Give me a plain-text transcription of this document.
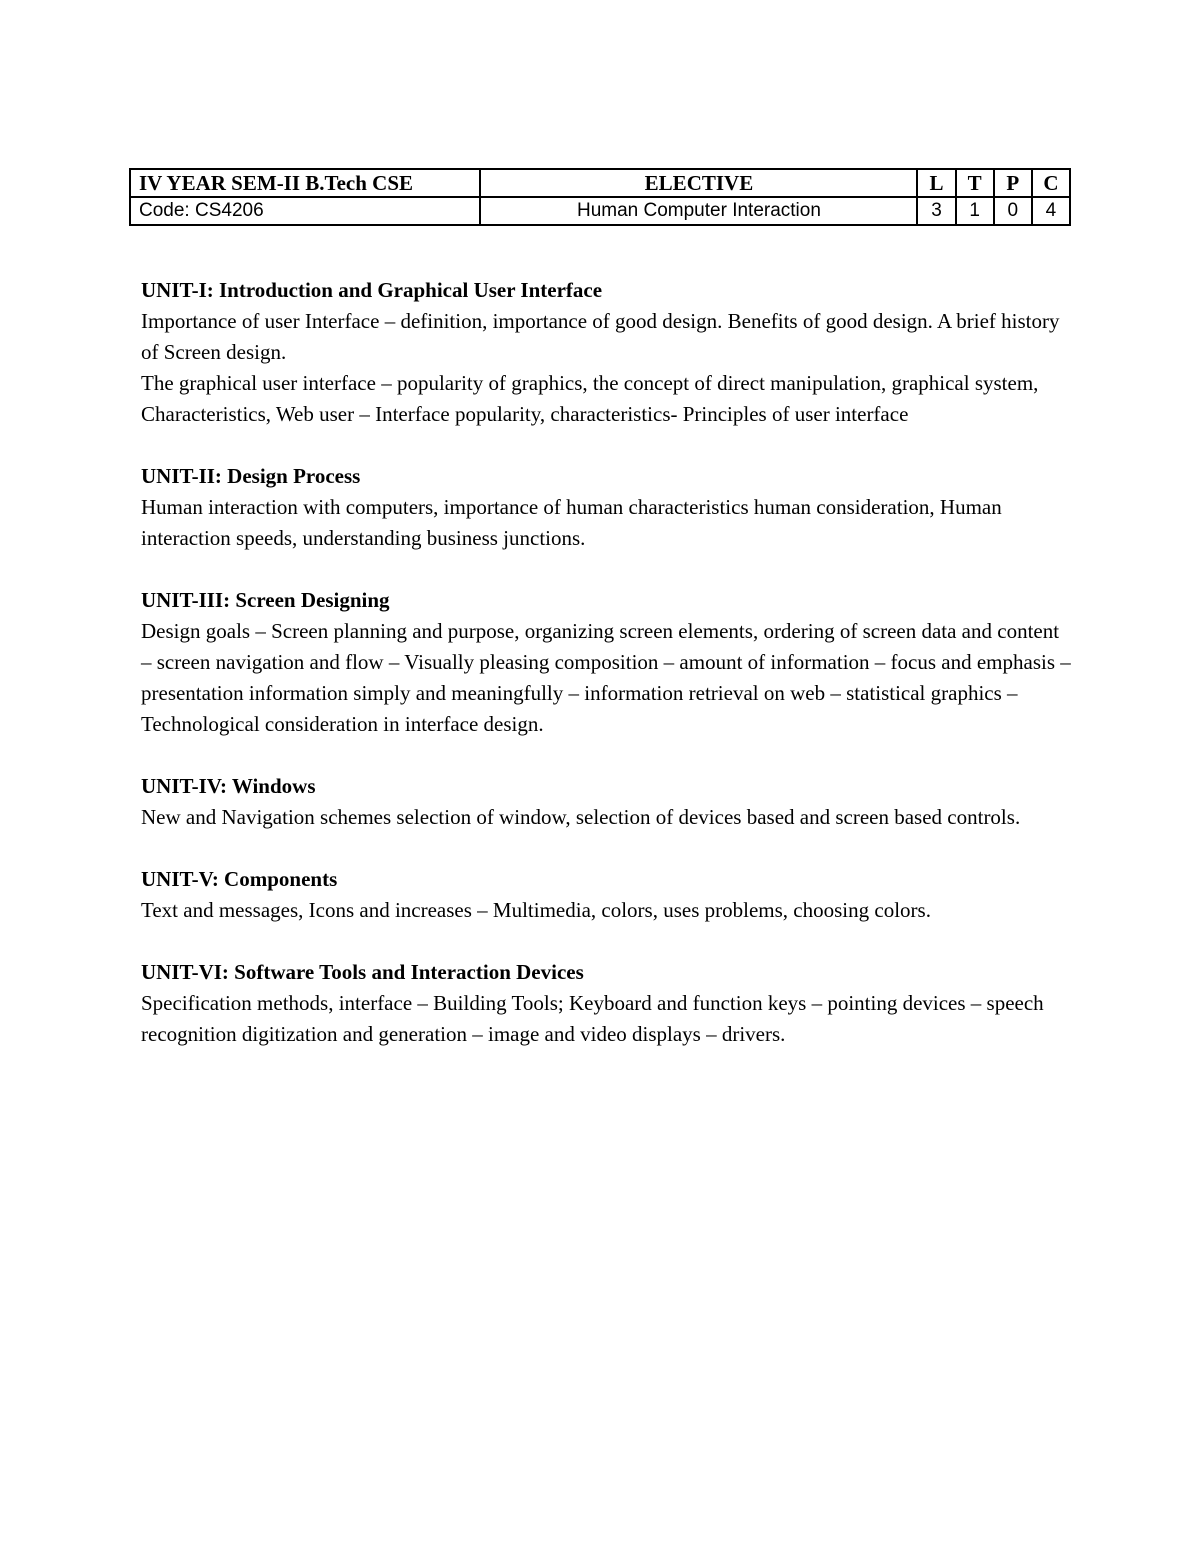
IV YEAR SEM-II B.Tech CSE	ELECTIVE	L	T	P	C
Code: CS4206	Human Computer Interaction	3	1	0	4
UNIT-I: Introduction and Graphical User Interface
Importance of user Interface – definition, importance of good design. Benefits of good design. A brief history of Screen design.
The graphical user interface – popularity of graphics, the concept of direct manipulation, graphical system, Characteristics, Web user – Interface popularity, characteristics- Principles of user interface
UNIT-II: Design Process
Human interaction with computers, importance of human characteristics human consideration, Human interaction speeds, understanding business junctions.
UNIT-III: Screen Designing
Design goals – Screen planning and purpose, organizing screen elements, ordering of screen data and content – screen navigation and flow – Visually pleasing composition – amount of information – focus and emphasis – presentation information simply and meaningfully – information retrieval on web – statistical graphics – Technological consideration in interface design.
UNIT-IV: Windows
New and Navigation schemes selection of window, selection of devices based and screen based controls.
UNIT-V: Components
Text and messages, Icons and increases – Multimedia, colors, uses problems, choosing colors.
UNIT-VI: Software Tools and Interaction Devices
Specification methods, interface – Building Tools; Keyboard and function keys – pointing devices – speech recognition digitization and generation – image and video displays – drivers.
